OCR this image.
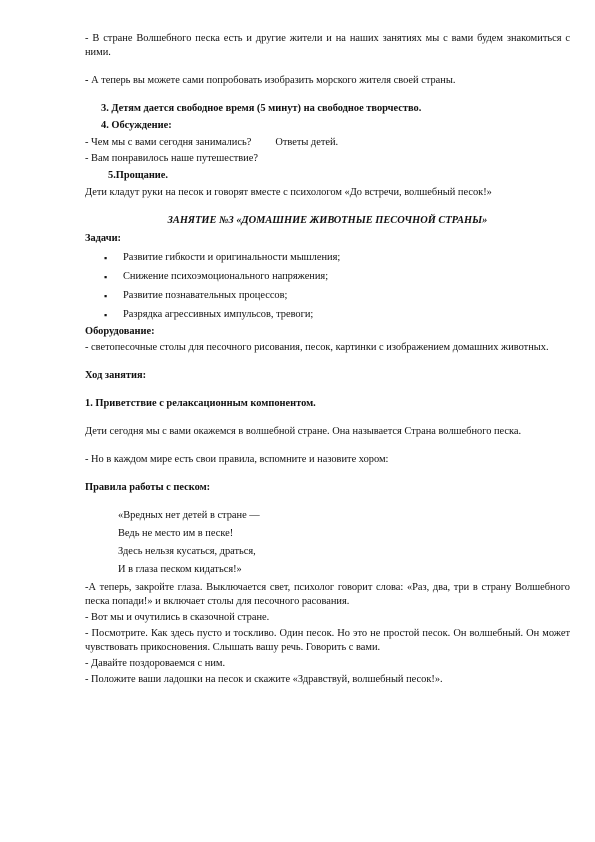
- В стране Волшебного песка есть и другие жители и на наших занятиях мы с вами будем знакомиться с ними.

- А теперь вы можете сами попробовать изобразить морского жителя своей страны.

3. Детям дается свободное время (5 минут) на свободное творчество.

4. Обсуждение:

- Чем мы с вами сегодня занимались? Ответы детей.

- Вам понравилось наше путешествие?

5.Прощание.

Дети кладут руки на песок и говорят вместе с психологом «До встречи, волшебный песок!»

ЗАНЯТИЕ №3 «ДОМАШНИЕ ЖИВОТНЫЕ ПЕСОЧНОЙ СТРАНЫ»

Задачи:

▪ Развитие гибкости и оригинальности мышления;
▪ Снижение психоэмоционального напряжения;
▪ Развитие познавательных процессов;
▪ Разрядка агрессивных импульсов, тревоги;

Оборудование:

- светопесочные столы для песочного рисования, песок, картинки с изображением домашних животных.

Ход занятия:

1. Приветствие с релаксационным компонентом.

Дети сегодня мы с вами окажемся в волшебной стране. Она называется Страна волшебного песка.

- Но в каждом мире есть свои правила, вспомните и назовите хором:

Правила работы с песком:

«Вредных нет детей в стране —

Ведь не место им в песке!

Здесь нельзя кусаться, драться,

И в глаза песком кидаться!»

-А теперь, закройте глаза. Выключается свет, психолог говорит слова: «Раз, два, три в страну Волшебного песка попади!» и включает столы для песочного расования.

- Вот мы и очутились в сказочной стране.

- Посмотрите. Как здесь пусто и тоскливо. Один песок. Но это не простой песок. Он волшебный. Он может чувствовать прикосновения. Слышать вашу речь. Говорить с вами.

- Давайте поздороваемся с ним.

- Положите ваши ладошки на песок и скажите «Здравствуй, волшебный песок!».
